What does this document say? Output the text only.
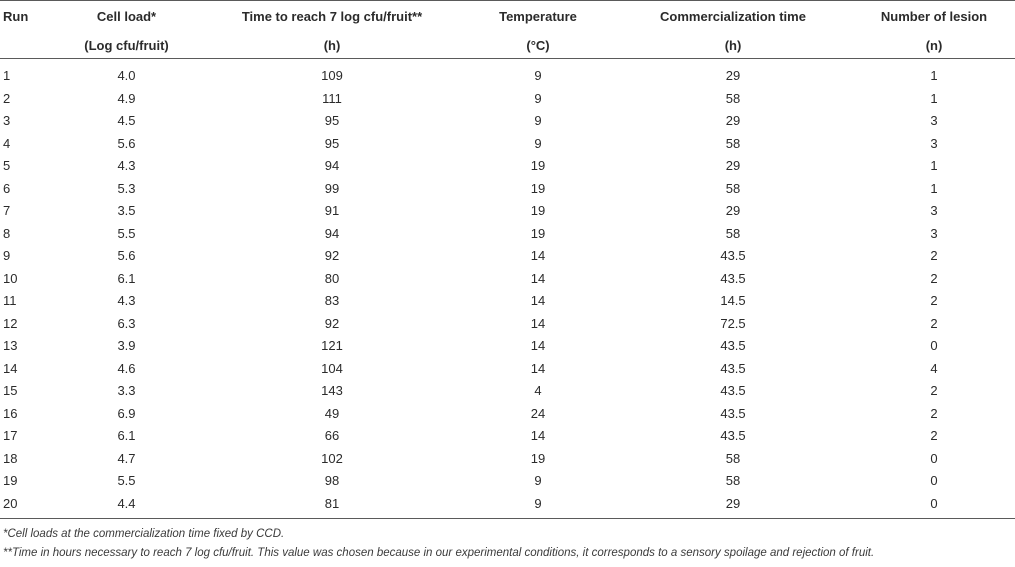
Run	Cell load*	Time to reach 7 log cfu/fruit**	Temperature	Commercialization time	Number of lesion
	(Log cfu/fruit)	(h)	(°C)	(h)	(n)
1	4.0	109	9	29	1
2	4.9	111	9	58	1
3	4.5	95	9	29	3
4	5.6	95	9	58	3
5	4.3	94	19	29	1
6	5.3	99	19	58	1
7	3.5	91	19	29	3
8	5.5	94	19	58	3
9	5.6	92	14	43.5	2
10	6.1	80	14	43.5	2
11	4.3	83	14	14.5	2
12	6.3	92	14	72.5	2
13	3.9	121	14	43.5	0
14	4.6	104	14	43.5	4
15	3.3	143	4	43.5	2
16	6.9	49	24	43.5	2
17	6.1	66	14	43.5	2
18	4.7	102	19	58	0
19	5.5	98	9	58	0
20	4.4	81	9	29	0
*Cell loads at the commercialization time fixed by CCD.
**Time in hours necessary to reach 7 log cfu/fruit. This value was chosen because in our experimental conditions, it corresponds to a sensory spoilage and rejection of fruit.
